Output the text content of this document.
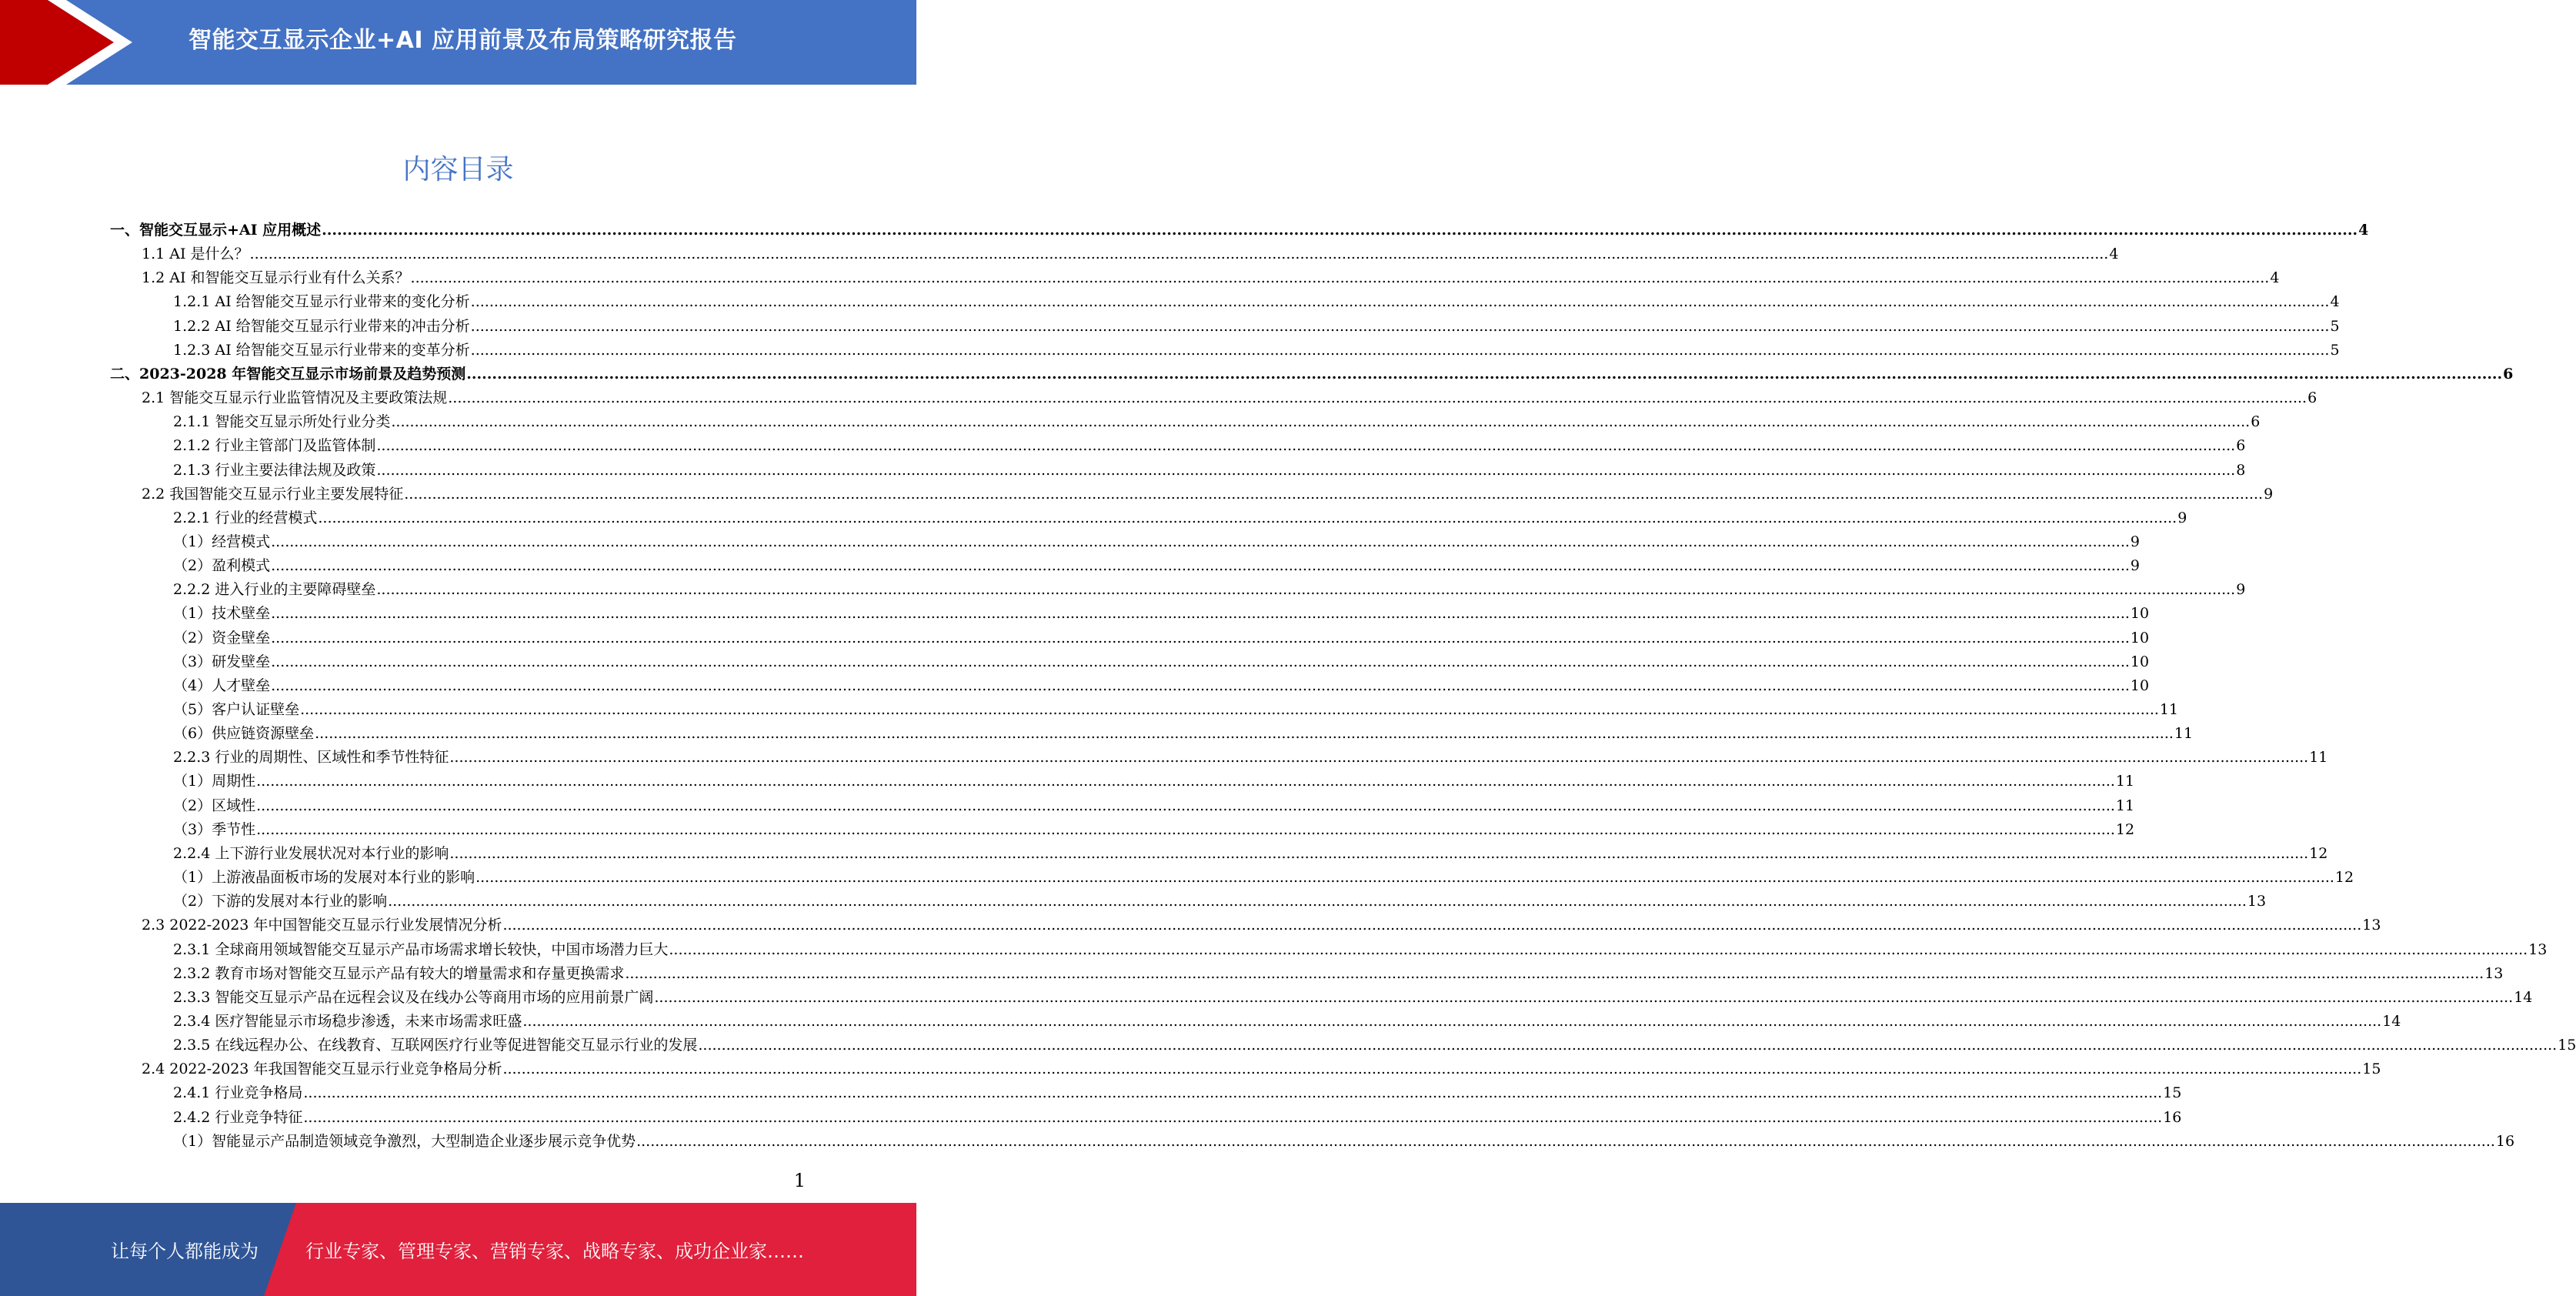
智能交互显示企业+AI 应用前景及布局策略研究报告
内容目录
一、智能交互显示+AI 应用概述 ................................................................................................................................................................................................................................................................................................................................................................................................................ 4
1.1 AI 是什么？ ................................................................................................................................................................................................................................................................................................................................................................................................................ 4
1.2 AI 和智能交互显示行业有什么关系？ ................................................................................................................................................................................................................................................................................................................................................................................................................ 4
1.2.1 AI 给智能交互显示行业带来的变化分析 ................................................................................................................................................................................................................................................................................................................................................................................................................ 4
1.2.2 AI 给智能交互显示行业带来的冲击分析 ................................................................................................................................................................................................................................................................................................................................................................................................................ 5
1.2.3 AI 给智能交互显示行业带来的变革分析 ................................................................................................................................................................................................................................................................................................................................................................................................................ 5
二、2023-2028 年智能交互显示市场前景及趋势预测 ................................................................................................................................................................................................................................................................................................................................................................................................................ 6
2.1 智能交互显示行业监管情况及主要政策法规 ................................................................................................................................................................................................................................................................................................................................................................................................................ 6
2.1.1 智能交互显示所处行业分类 ................................................................................................................................................................................................................................................................................................................................................................................................................ 6
2.1.2 行业主管部门及监管体制 ................................................................................................................................................................................................................................................................................................................................................................................................................ 6
2.1.3 行业主要法律法规及政策 ................................................................................................................................................................................................................................................................................................................................................................................................................ 8
2.2 我国智能交互显示行业主要发展特征 ................................................................................................................................................................................................................................................................................................................................................................................................................ 9
2.2.1 行业的经营模式 ................................................................................................................................................................................................................................................................................................................................................................................................................ 9
（1）经营模式 ................................................................................................................................................................................................................................................................................................................................................................................................................ 9
（2）盈利模式 ................................................................................................................................................................................................................................................................................................................................................................................................................ 9
2.2.2 进入行业的主要障碍壁垒 ................................................................................................................................................................................................................................................................................................................................................................................................................ 9
（1）技术壁垒 ................................................................................................................................................................................................................................................................................................................................................................................................................ 10
（2）资金壁垒 ................................................................................................................................................................................................................................................................................................................................................................................................................ 10
（3）研发壁垒 ................................................................................................................................................................................................................................................................................................................................................................................................................ 10
（4）人才壁垒 ................................................................................................................................................................................................................................................................................................................................................................................................................ 10
（5）客户认证壁垒 ................................................................................................................................................................................................................................................................................................................................................................................................................ 11
（6）供应链资源壁垒 ................................................................................................................................................................................................................................................................................................................................................................................................................ 11
2.2.3 行业的周期性、区域性和季节性特征 ................................................................................................................................................................................................................................................................................................................................................................................................................ 11
（1）周期性 ................................................................................................................................................................................................................................................................................................................................................................................................................ 11
（2）区域性 ................................................................................................................................................................................................................................................................................................................................................................................................................ 11
（3）季节性 ................................................................................................................................................................................................................................................................................................................................................................................................................ 12
2.2.4 上下游行业发展状况对本行业的影响 ................................................................................................................................................................................................................................................................................................................................................................................................................ 12
（1）上游液晶面板市场的发展对本行业的影响 ................................................................................................................................................................................................................................................................................................................................................................................................................ 12
（2）下游的发展对本行业的影响 ................................................................................................................................................................................................................................................................................................................................................................................................................ 13
2.3 2022-2023 年中国智能交互显示行业发展情况分析 ................................................................................................................................................................................................................................................................................................................................................................................................................ 13
2.3.1 全球商用领域智能交互显示产品市场需求增长较快，中国市场潜力巨大 ................................................................................................................................................................................................................................................................................................................................................................................................................ 13
2.3.2 教育市场对智能交互显示产品有较大的增量需求和存量更换需求 ................................................................................................................................................................................................................................................................................................................................................................................................................ 13
2.3.3 智能交互显示产品在远程会议及在线办公等商用市场的应用前景广阔 ................................................................................................................................................................................................................................................................................................................................................................................................................ 14
2.3.4 医疗智能显示市场稳步渗透，未来市场需求旺盛 ................................................................................................................................................................................................................................................................................................................................................................................................................ 14
2.3.5 在线远程办公、在线教育、互联网医疗行业等促进智能交互显示行业的发展 ................................................................................................................................................................................................................................................................................................................................................................................................................ 15
2.4 2022-2023 年我国智能交互显示行业竞争格局分析 ................................................................................................................................................................................................................................................................................................................................................................................................................ 15
2.4.1 行业竞争格局 ................................................................................................................................................................................................................................................................................................................................................................................................................ 15
2.4.2 行业竞争特征 ................................................................................................................................................................................................................................................................................................................................................................................................................ 16
（1）智能显示产品制造领域竞争激烈，大型制造企业逐步展示竞争优势 ................................................................................................................................................................................................................................................................................................................................................................................................................ 16
1
让每个人都能成为	行业专家、管理专家、营销专家、战略专家、成功企业家……
